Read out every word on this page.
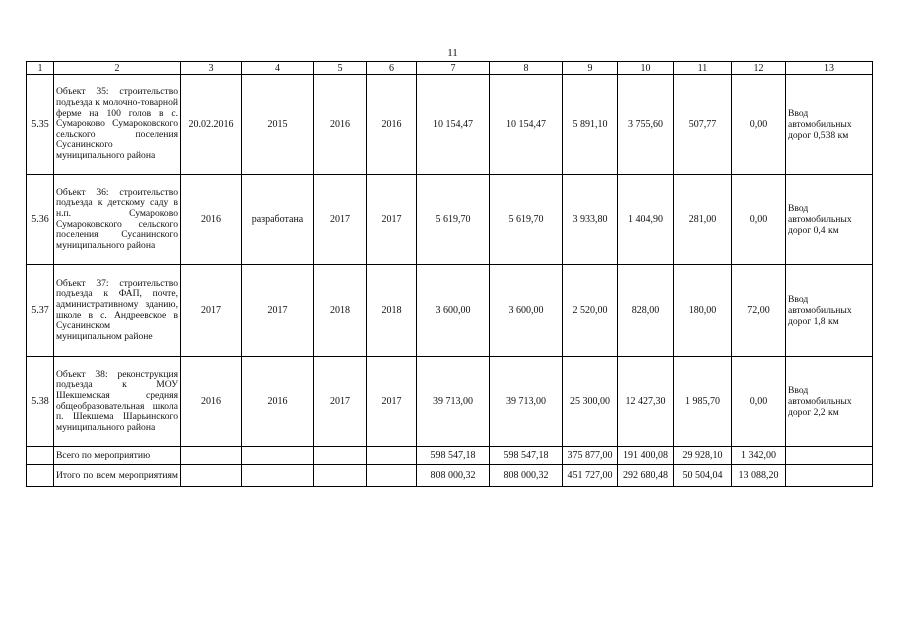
11
1	2	3	4	5	6	7	8	9	10	11	12	13
5.35	Объект 35: строительство подъезда к молочно-товарной ферме на 100 голов в с. Сумароково Сумароковского сельского поселения Сусанинского муниципального района	20.02.2016	2015	2016	2016	10 154,47	10 154,47	5 891,10	3 755,60	507,77	0,00	Ввод автомобильных дорог 0,538 км
5.36	Объект 36: строительство подъезда к детскому саду в н.п. Сумароково Сумароковского сельского поселения Сусанинского муниципального района	2016	разработана	2017	2017	5 619,70	5 619,70	3 933,80	1 404,90	281,00	0,00	Ввод автомобильных дорог 0,4 км
5.37	Объект 37: строительство подъезда к ФАП, почте, административному зданию, школе в с. Андреевское в Сусанинском муниципальном районе	2017	2017	2018	2018	3 600,00	3 600,00	2 520,00	828,00	180,00	72,00	Ввод автомобильных дорог 1,8 км
5.38	Объект 38: реконструкция подъезда к МОУ Шекшемская средняя общеобразовательная школа п. Шекшема Шарьинского муниципального района	2016	2016	2017	2017	39 713,00	39 713,00	25 300,00	12 427,30	1 985,70	0,00	Ввод автомобильных дорог 2,2 км
	Всего по мероприятию					598 547,18	598 547,18	375 877,00	191 400,08	29 928,10	1 342,00	
	Итого по всем мероприятиям					808 000,32	808 000,32	451 727,00	292 680,48	50 504,04	13 088,20	
